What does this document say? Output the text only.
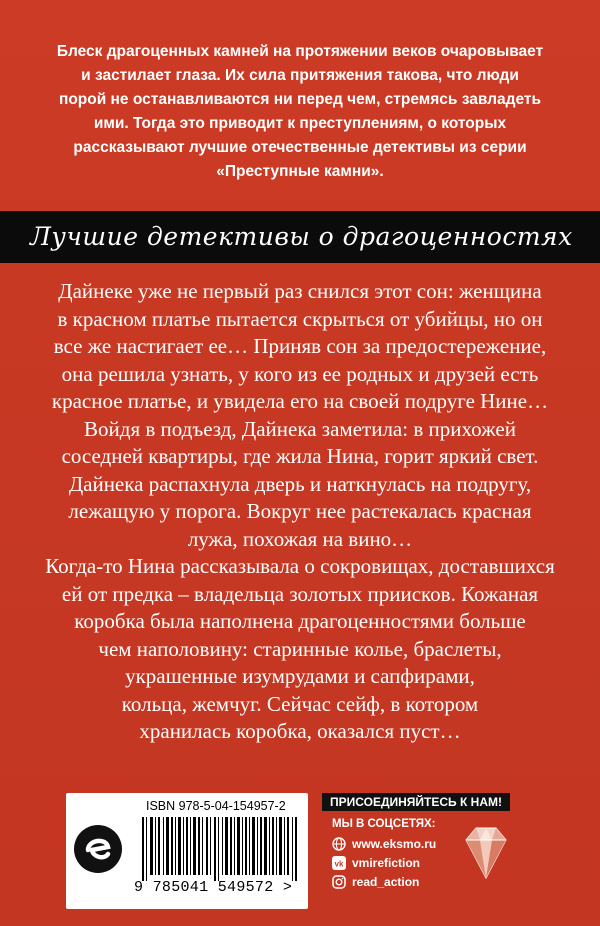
Блеск драгоценных камней на протяжении веков очаровывает

и застилает глаза. Их сила притяжения такова, что люди

порой не останавливаются ни перед чем, стремясь завладеть

ими. Тогда это приводит к преступлениям, о которых

рассказывают лучшие отечественные детективы из серии

«Преступные камни».

Лучшие детективы о драгоценностях

Дайнеке уже не первый раз снился этот сон: женщина

в красном платье пытается скрыться от убийцы, но он

все же настигает ее… Приняв сон за предостережение,

она решила узнать, у кого из ее родных и друзей есть

красное платье, и увидела его на своей подруге Нине…

Войдя в подъезд, Дайнека заметила: в прихожей

соседней квартиры, где жила Нина, горит яркий свет.

Дайнека распахнула дверь и наткнулась на подругу,

лежащую у порога. Вокруг нее растекалась красная

лужа, похожая на вино…

Когда-то Нина рассказывала о сокровищах, доставшихся

ей от предка – владельца золотых приисков. Кожаная

коробка была наполнена драгоценностями больше

чем наполовину: старинные колье, браслеты,

украшенные изумрудами и сапфирами,

кольца, жемчуг. Сейчас сейф, в котором

хранилась коробка, оказался пуст…

ISBN 978-5-04-154957-2
9 785041 549572 >
ПРИСОЕДИНЯЙТЕСЬ К НАМ!
МЫ В СОЦСЕТЯХ:
www.eksmo.ru
vk vmirefiction
read_action
